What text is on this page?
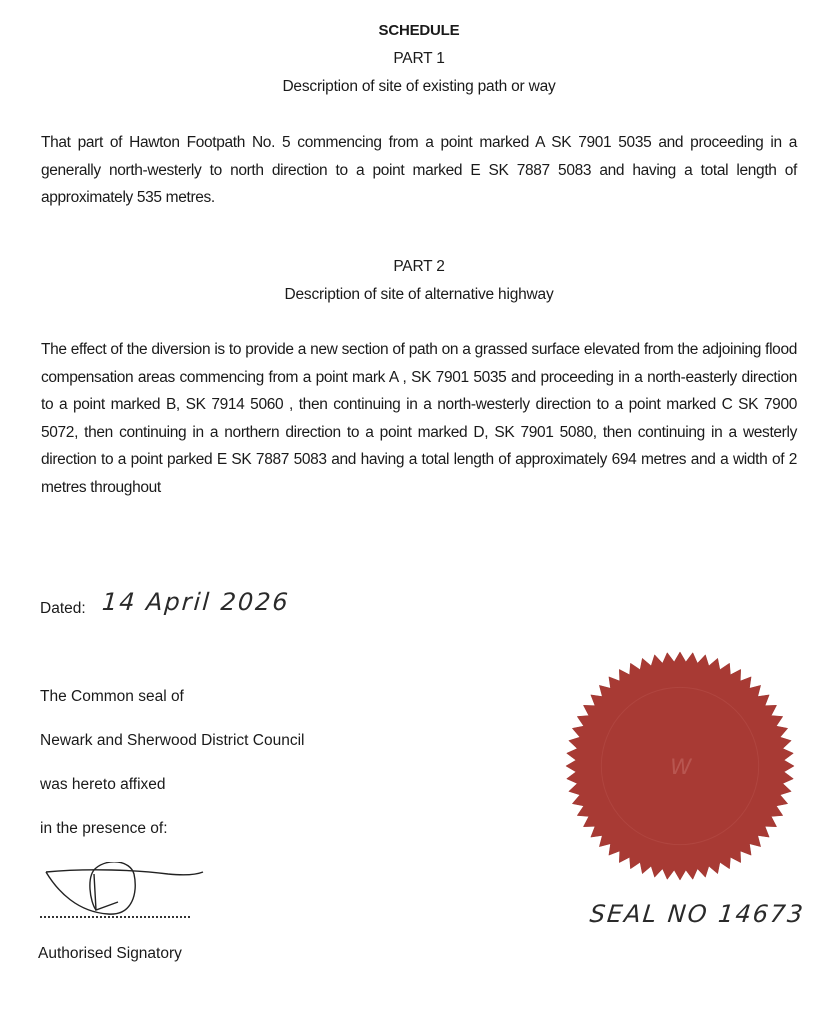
SCHEDULE
PART 1
Description of site of existing path or way
That part of Hawton Footpath No. 5 commencing from a point marked A SK 7901 5035 and proceeding in a generally north-westerly to north direction to a point marked E SK 7887 5083 and having a total length of approximately 535 metres.
PART 2
Description of site of alternative highway
The effect of the diversion is to provide a new section of path on a grassed surface elevated from the adjoining flood compensation areas commencing from a point mark A , SK 7901 5035 and proceeding in a north-easterly direction to a point marked B, SK 7914 5060 , then continuing in a north-westerly direction to a point marked C SK 7900 5072, then continuing in a northern direction to a point marked D, SK 7901 5080, then continuing in a westerly direction to a point parked E SK 7887 5083 and having a total length of approximately 694 metres and a width of 2 metres throughout
Dated: 14 April 2026
The Common seal of
Newark and Sherwood District Council
was hereto affixed
in the presence of:
Authorised Signatory
W
SEAL NO 14673
